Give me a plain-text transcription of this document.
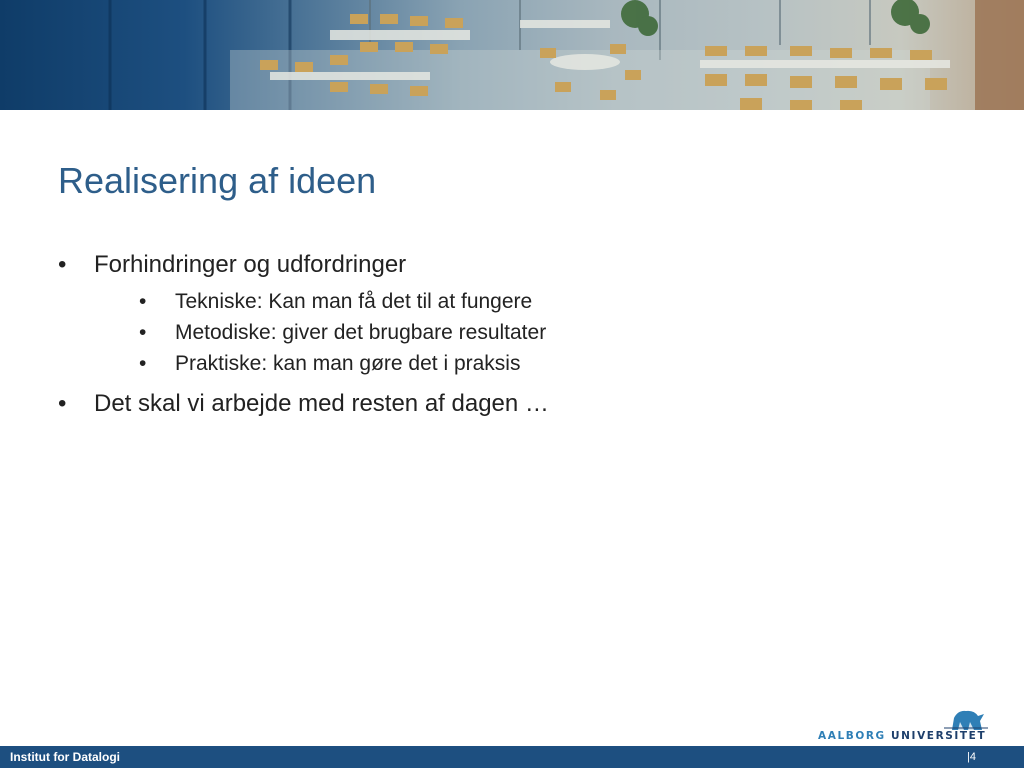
Realisering af ideen
• Forhindringer og udfordringer
• Tekniske: Kan man få det til at fungere
• Metodiske: giver det brugbare resultater
• Praktiske: kan man gøre det i praksis
• Det skal vi arbejde med resten af dagen …
AALBORG UNIVERSITET
Institut for Datalogi	|4
